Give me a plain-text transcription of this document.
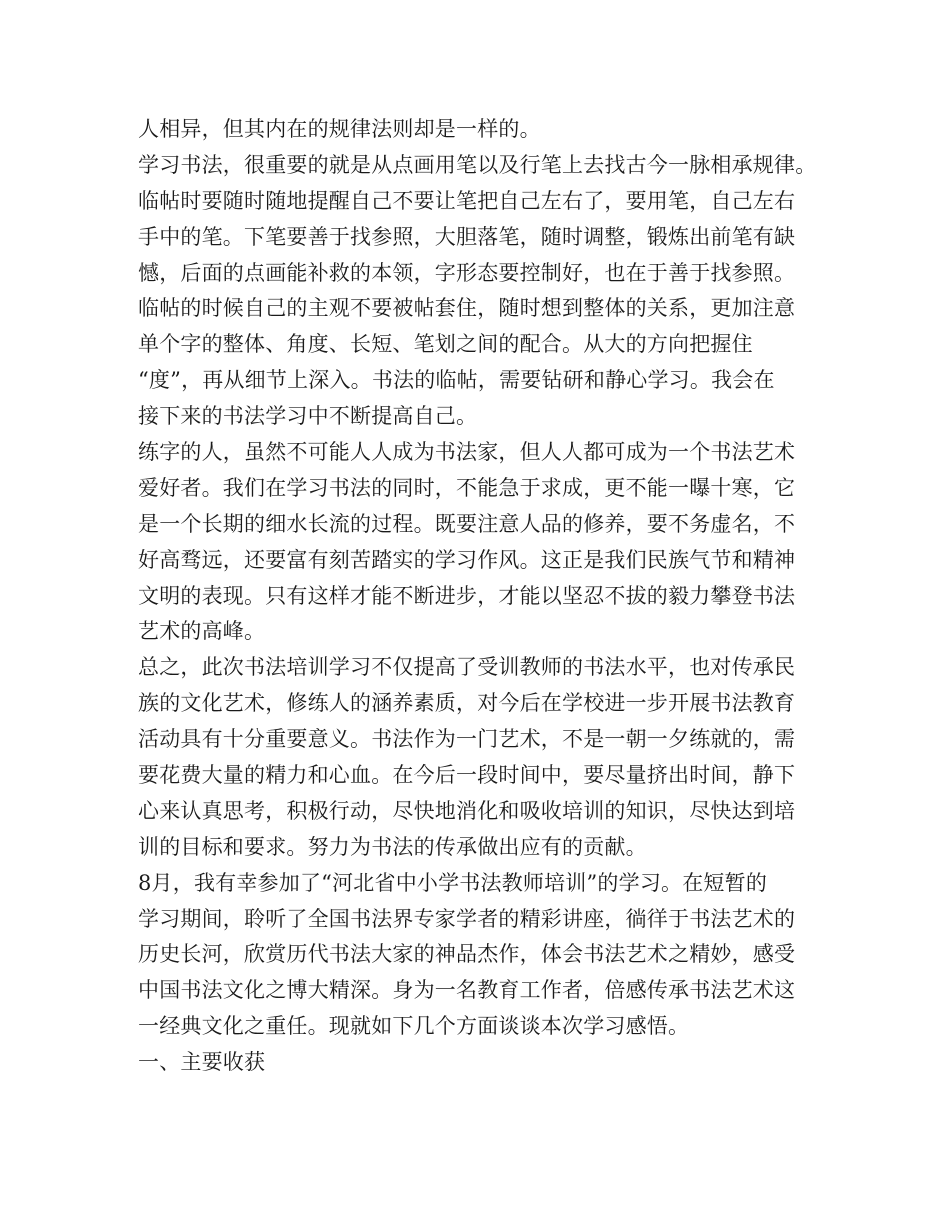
人相异，但其内在的规律法则却是一样的。
学习书法，很重要的就是从点画用笔以及行笔上去找古今一脉相承规律。
临帖时要随时随地提醒自己不要让笔把自己左右了，要用笔，自己左右
手中的笔。下笔要善于找参照，大胆落笔，随时调整，锻炼出前笔有缺
憾，后面的点画能补救的本领，字形态要控制好，也在于善于找参照。
临帖的时候自己的主观不要被帖套住，随时想到整体的关系，更加注意
单个字的整体、角度、长短、笔划之间的配合。从大的方向把握住
“度”，再从细节上深入。书法的临帖，需要钻研和静心学习。我会在
接下来的书法学习中不断提高自己。
练字的人，虽然不可能人人成为书法家，但人人都可成为一个书法艺术
爱好者。我们在学习书法的同时，不能急于求成，更不能一曝十寒，它
是一个长期的细水长流的过程。既要注意人品的修养，要不务虚名，不
好高骛远，还要富有刻苦踏实的学习作风。这正是我们民族气节和精神
文明的表现。只有这样才能不断进步，才能以坚忍不拔的毅力攀登书法
艺术的高峰。
总之，此次书法培训学习不仅提高了受训教师的书法水平，也对传承民
族的文化艺术，修练人的涵养素质，对今后在学校进一步开展书法教育
活动具有十分重要意义。书法作为一门艺术，不是一朝一夕练就的，需
要花费大量的精力和心血。在今后一段时间中，要尽量挤出时间，静下
心来认真思考，积极行动，尽快地消化和吸收培训的知识，尽快达到培
训的目标和要求。努力为书法的传承做出应有的贡献。
8月，我有幸参加了“河北省中小学书法教师培训”的学习。在短暂的
学习期间，聆听了全国书法界专家学者的精彩讲座，徜徉于书法艺术的
历史长河，欣赏历代书法大家的神品杰作，体会书法艺术之精妙，感受
中国书法文化之博大精深。身为一名教育工作者，倍感传承书法艺术这
一经典文化之重任。现就如下几个方面谈谈本次学习感悟。
一、主要收获
